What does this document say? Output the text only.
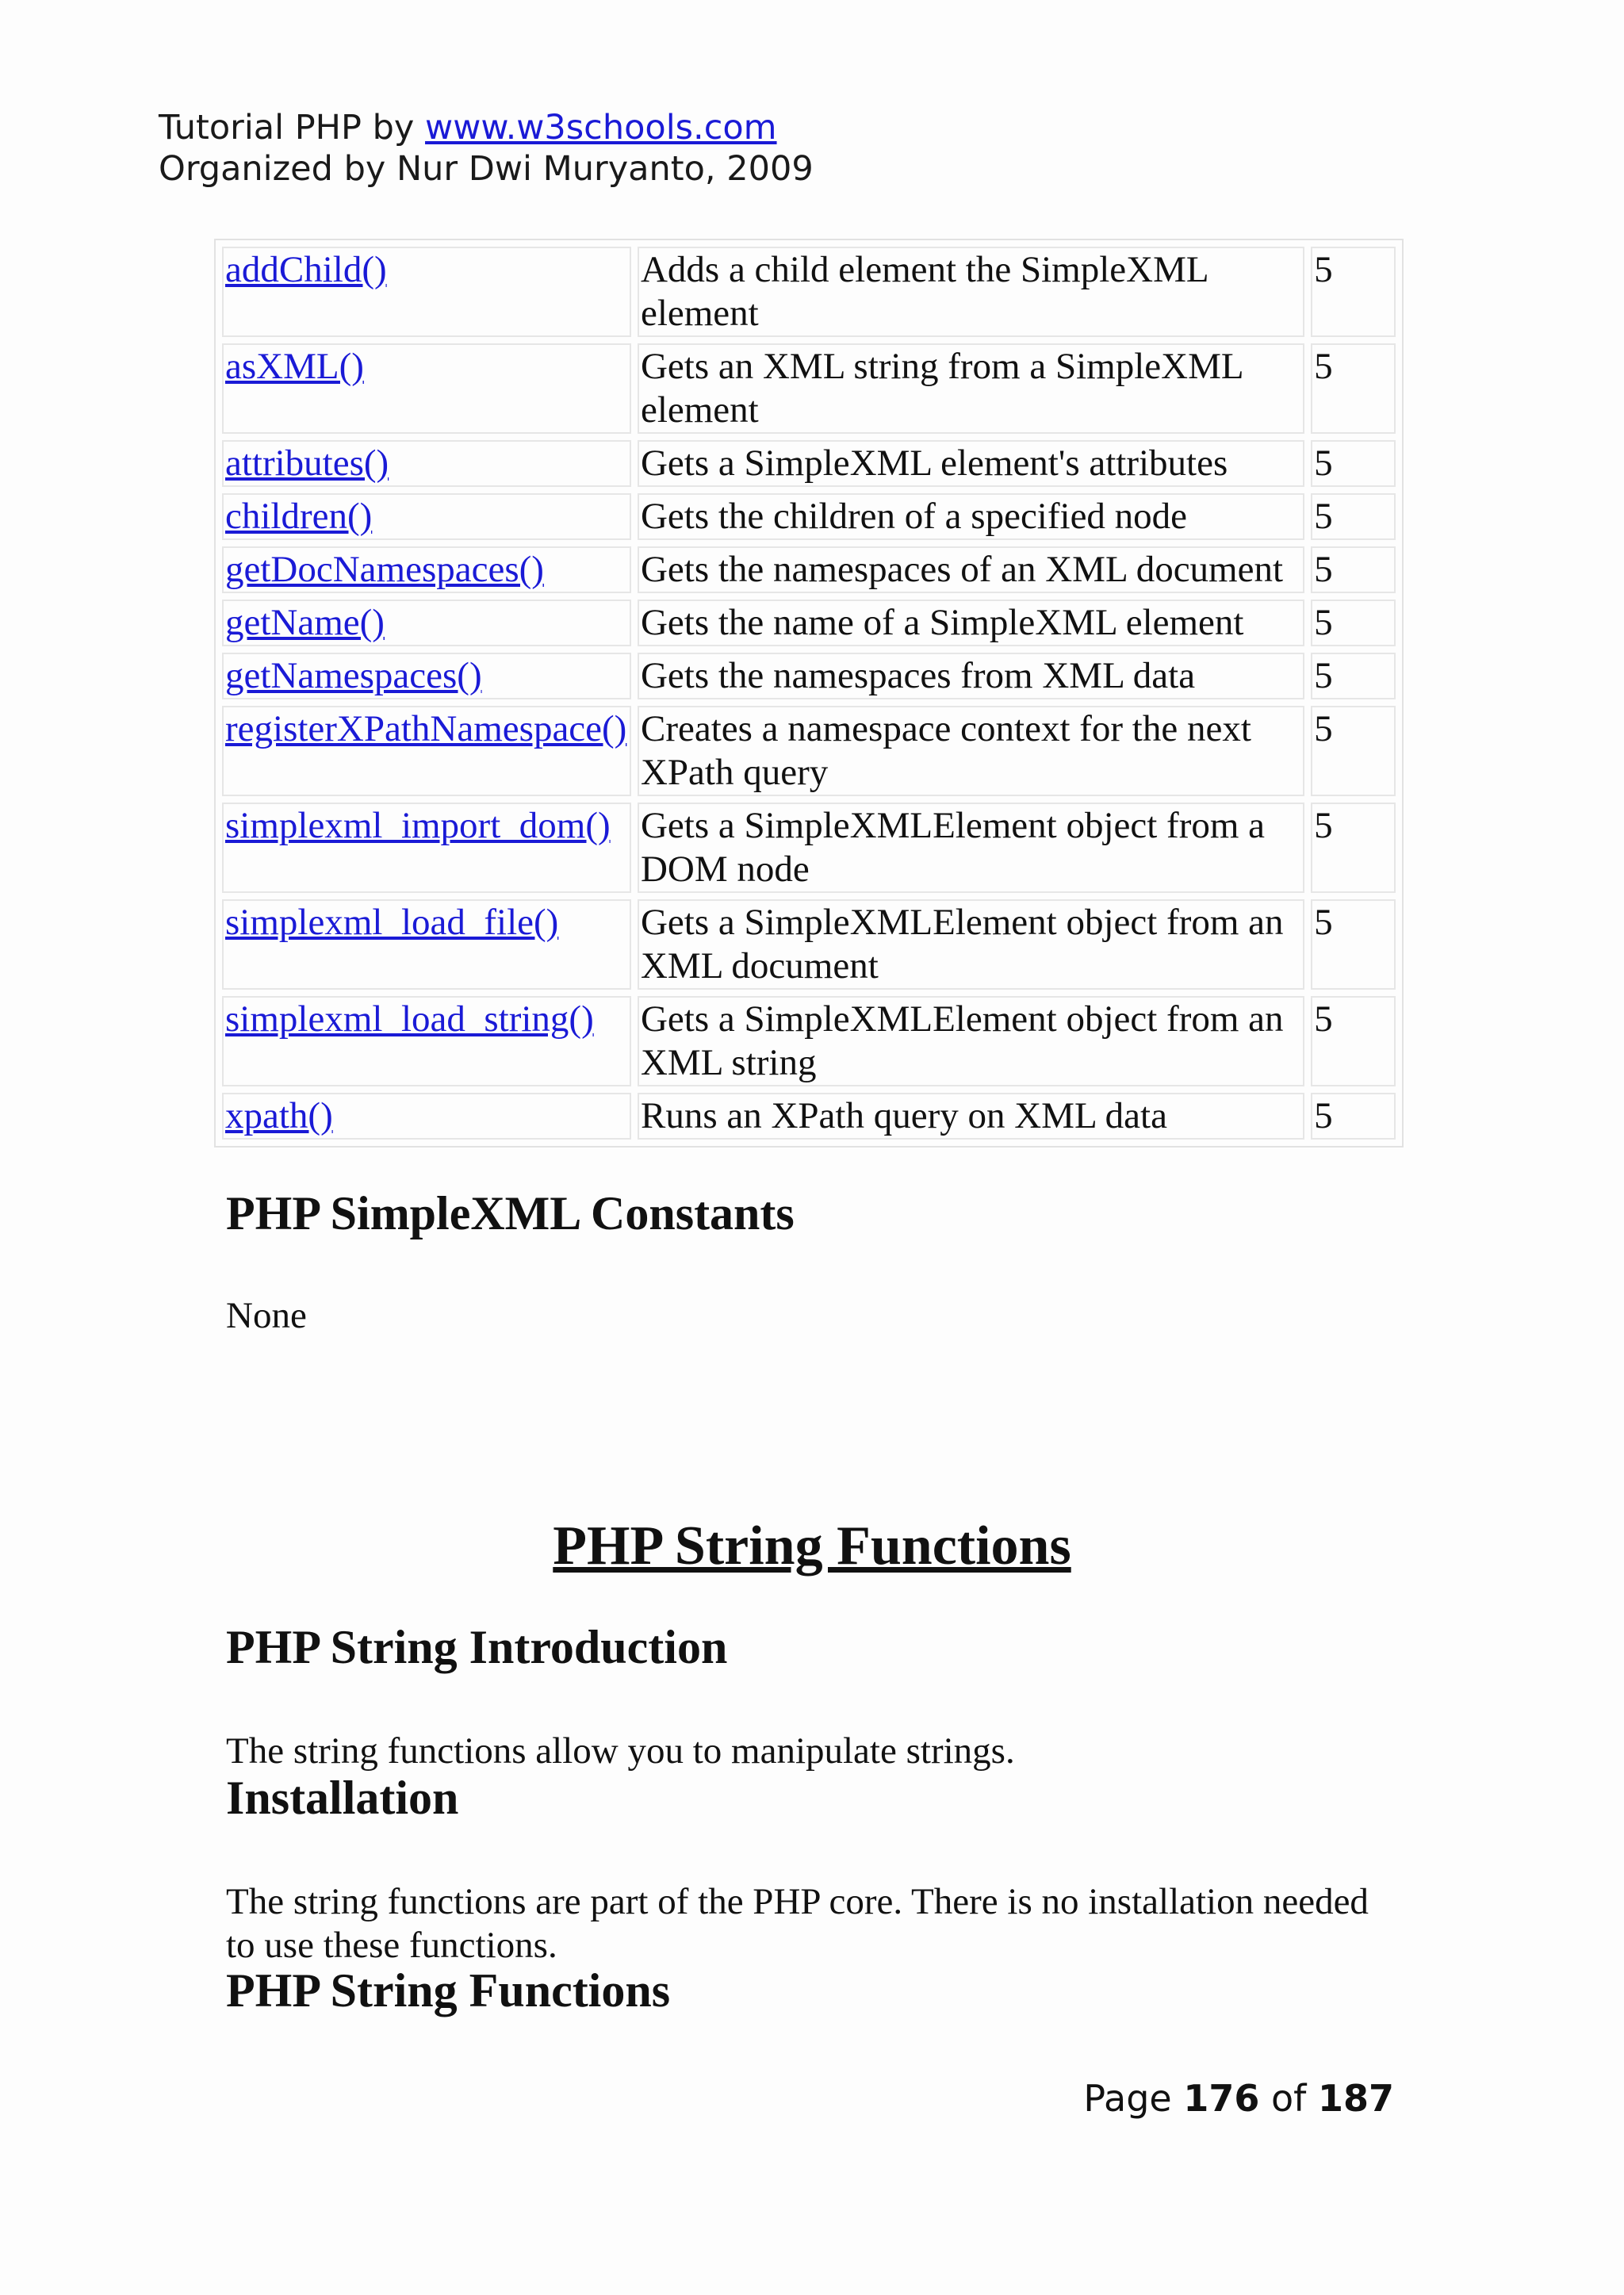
Tutorial PHP by www.w3schools.com
Organized by Nur Dwi Muryanto, 2009
addChild()	Adds a child element the SimpleXML element	5
asXML()	Gets an XML string from a SimpleXML element	5
attributes()	Gets a SimpleXML element's attributes	5
children()	Gets the children of a specified node	5
getDocNamespaces()	Gets the namespaces of an XML document	5
getName()	Gets the name of a SimpleXML element	5
getNamespaces()	Gets the namespaces from XML data	5
registerXPathNamespace()	Creates a namespace context for the next XPath query	5
simplexml_import_dom()	Gets a SimpleXMLElement object from a DOM node	5
simplexml_load_file()	Gets a SimpleXMLElement object from an XML document	5
simplexml_load_string()	Gets a SimpleXMLElement object from an XML string	5
xpath()	Runs an XPath query on XML data	5
PHP SimpleXML Constants
None
PHP String Functions
PHP String Introduction
The string functions allow you to manipulate strings.
Installation
The string functions are part of the PHP core. There is no installation needed to use these functions.
PHP String Functions
Page 176 of 187
